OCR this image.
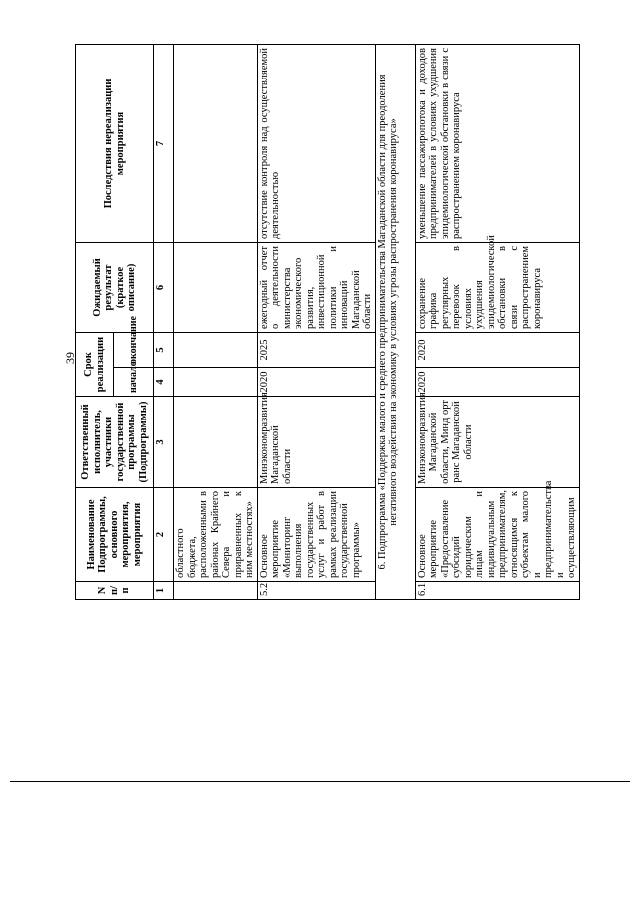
39
N п/п	Наименование Подпрограммы, основного мероприятия, мероприятия	Ответственный исполнитель, участники государственной программы (Подпрограммы)	Срок реализации		Ожидаемый результат (краткое описание)	Последствия нереализации мероприятия
			начало	окончание		
1	2	3	4	5	6	7
	областного бюджета, расположенными в районах Крайнего Севера и приравненных к ним местностях»					
5.2.	Основное мероприятие «Мониторинг выполнения государственных услуг и работ в рамках реализации государственной программы»	Минэкономразвития Магаданской области	2020	2025	ежегодный отчет о деятельности министерства экономического развития, инвестиционной политики и инноваций Магаданской области	отсутствие контроля над осуществляемой деятельностью
6. Подпрограмма «Поддержка малого и среднего предпринимательства Магаданской области для преодоления негативного воздействия на экономику в условиях угрозы распространения коронавируса»						
6.1.	Основное мероприятие «Предоставление субсидий юридическим лицам и индивидуальным предпринимателям, относящимся к субъектам малого и предпринимательства и осуществляющим	Минэкономразвития Магаданской области, Минд орт ранс Магаданской области	2020	2020	сохранение графика регулярных перевозок в условиях ухудшения эпидемиологической обстановки в связи с распространением коронавируса	уменьшение пассажиропотока и доходов предпринимателей в условиях ухудшения эпидемиологической обстановки в связи с распространением коронавируса
